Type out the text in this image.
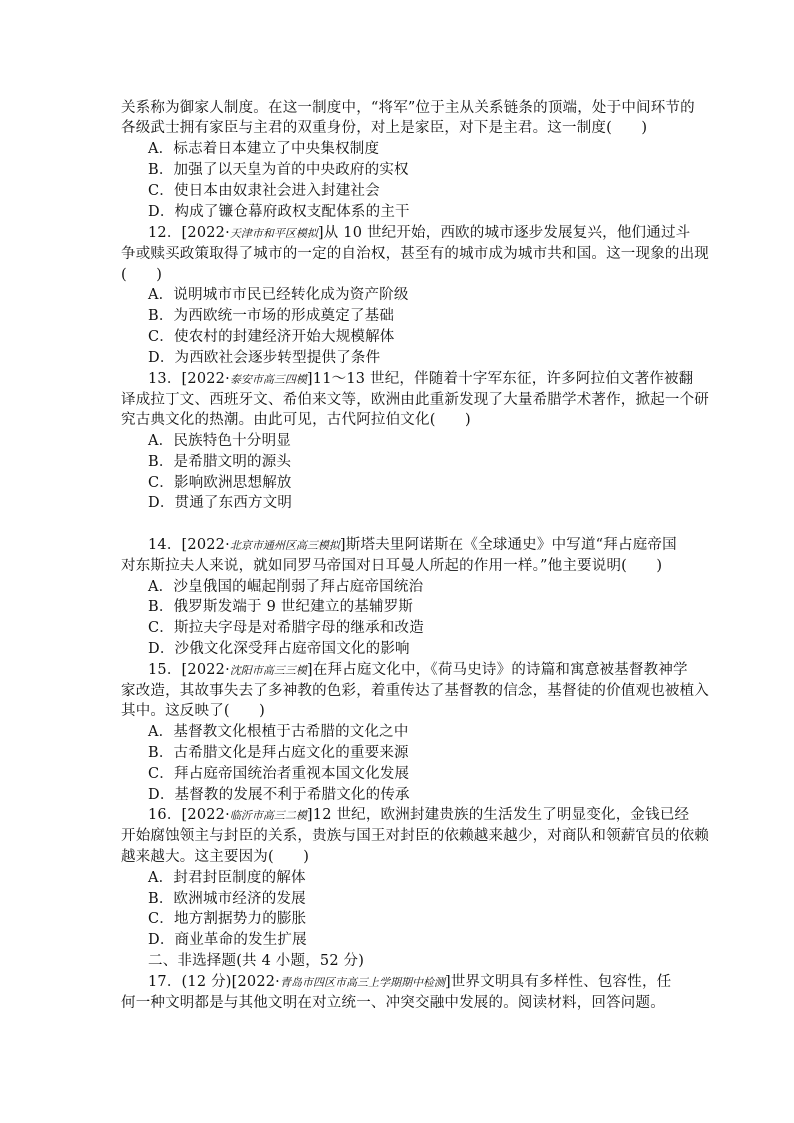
关系称为御家人制度。在这一制度中，“将军”位于主从关系链条的顶端，处于中间环节的
各级武士拥有家臣与主君的双重身份，对上是家臣，对下是主君。这一制度(　　)
A．标志着日本建立了中央集权制度
B．加强了以天皇为首的中央政府的实权
C．使日本由奴隶社会进入封建社会
D．构成了镰仓幕府政权支配体系的主干
12．[2022·天津市和平区模拟]从 10 世纪开始，西欧的城市逐步发展复兴，他们通过斗
争或赎买政策取得了城市的一定的自治权，甚至有的城市成为城市共和国。这一现象的出现
(　　)
A．说明城市市民已经转化成为资产阶级
B．为西欧统一市场的形成奠定了基础
C．使农村的封建经济开始大规模解体
D．为西欧社会逐步转型提供了条件
13．[2022·泰安市高三四模]11～13 世纪，伴随着十字军东征，许多阿拉伯文著作被翻
译成拉丁文、西班牙文、希伯来文等，欧洲由此重新发现了大量希腊学术著作，掀起一个研
究古典文化的热潮。由此可见，古代阿拉伯文化(　　)
A．民族特色十分明显
B．是希腊文明的源头
C．影响欧洲思想解放
D．贯通了东西方文明
14．[2022·北京市通州区高三模拟]斯塔夫里阿诺斯在《全球通史》中写道“拜占庭帝国
对东斯拉夫人来说，就如同罗马帝国对日耳曼人所起的作用一样。”他主要说明(　　)
A．沙皇俄国的崛起削弱了拜占庭帝国统治
B．俄罗斯发端于 9 世纪建立的基辅罗斯
C．斯拉夫字母是对希腊字母的继承和改造
D．沙俄文化深受拜占庭帝国文化的影响
15．[2022·沈阳市高三三模]在拜占庭文化中，《荷马史诗》的诗篇和寓意被基督教神学
家改造，其故事失去了多神教的色彩，着重传达了基督教的信念，基督徒的价值观也被植入
其中。这反映了(　　)
A．基督教文化根植于古希腊的文化之中
B．古希腊文化是拜占庭文化的重要来源
C．拜占庭帝国统治者重视本国文化发展
D．基督教的发展不利于希腊文化的传承
16．[2022·临沂市高三二模]12 世纪，欧洲封建贵族的生活发生了明显变化，金钱已经
开始腐蚀领主与封臣的关系，贵族与国王对封臣的依赖越来越少，对商队和领薪官员的依赖
越来越大。这主要因为(　　)
A．封君封臣制度的解体
B．欧洲城市经济的发展
C．地方割据势力的膨胀
D．商业革命的发生扩展
二、非选择题(共 4 小题，52 分)
17．(12 分)[2022·青岛市四区市高三上学期期中检测]世界文明具有多样性、包容性，任
何一种文明都是与其他文明在对立统一、冲突交融中发展的。阅读材料，回答问题。
